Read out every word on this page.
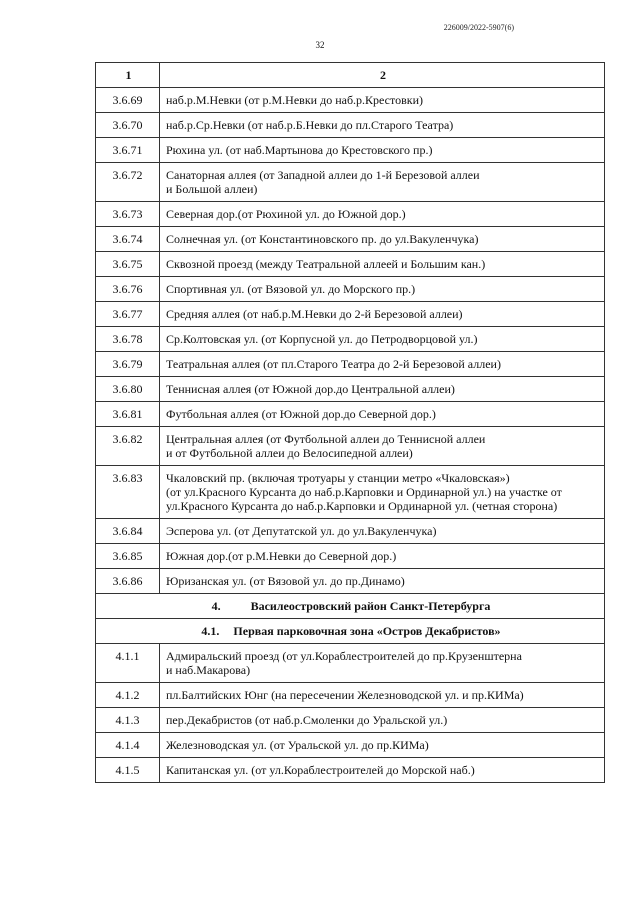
226009/2022-5907(6)
32
1	2
3.6.69	наб.р.М.Невки (от р.М.Невки до наб.р.Крестовки)
3.6.70	наб.р.Ср.Невки (от наб.р.Б.Невки до пл.Старого Театра)
3.6.71	Рюхина ул. (от наб.Мартынова до Крестовского пр.)
3.6.72	Санаторная аллея (от Западной аллеи до 1-й Березовой аллеи
и Большой аллеи)
3.6.73	Северная дор.(от Рюхиной ул. до Южной дор.)
3.6.74	Солнечная ул. (от Константиновского пр. до ул.Вакуленчука)
3.6.75	Сквозной проезд (между Театральной аллеей и Большим кан.)
3.6.76	Спортивная ул. (от Вязовой ул. до Морского пр.)
3.6.77	Средняя аллея (от наб.р.М.Невки до 2-й Березовой аллеи)
3.6.78	Ср.Колтовская ул. (от Корпусной ул. до Петродворцовой ул.)
3.6.79	Театральная аллея (от пл.Старого Театра до 2-й Березовой аллеи)
3.6.80	Теннисная аллея (от Южной дор.до Центральной аллеи)
3.6.81	Футбольная аллея (от Южной дор.до Северной дор.)
3.6.82	Центральная аллея (от Футбольной аллеи до Теннисной аллеи
и от Футбольной аллеи до Велосипедной аллеи)
3.6.83	Чкаловский пр. (включая тротуары у станции метро «Чкаловская»)
(от ул.Красного Курсанта до наб.р.Карповки и Ординарной ул.) на участке от
ул.Красного Курсанта до наб.р.Карповки и Ординарной ул. (четная сторона)
3.6.84	Эсперова ул. (от Депутатской ул. до ул.Вакуленчука)
3.6.85	Южная дор.(от р.М.Невки до Северной дор.)
3.6.86	Юризанская ул. (от Вязовой ул. до пр.Динамо)
4. Василеостровский район Санкт-Петербурга	
4.1. Первая парковочная зона «Остров Декабристов»	
4.1.1	Адмиральский проезд (от ул.Кораблестроителей до пр.Крузенштерна
и наб.Макарова)
4.1.2	пл.Балтийских Юнг (на пересечении Железноводской ул. и пр.КИМа)
4.1.3	пер.Декабристов (от наб.р.Смоленки до Уральской ул.)
4.1.4	Железноводская ул. (от Уральской ул. до пр.КИМа)
4.1.5	Капитанская ул. (от ул.Кораблестроителей до Морской наб.)
